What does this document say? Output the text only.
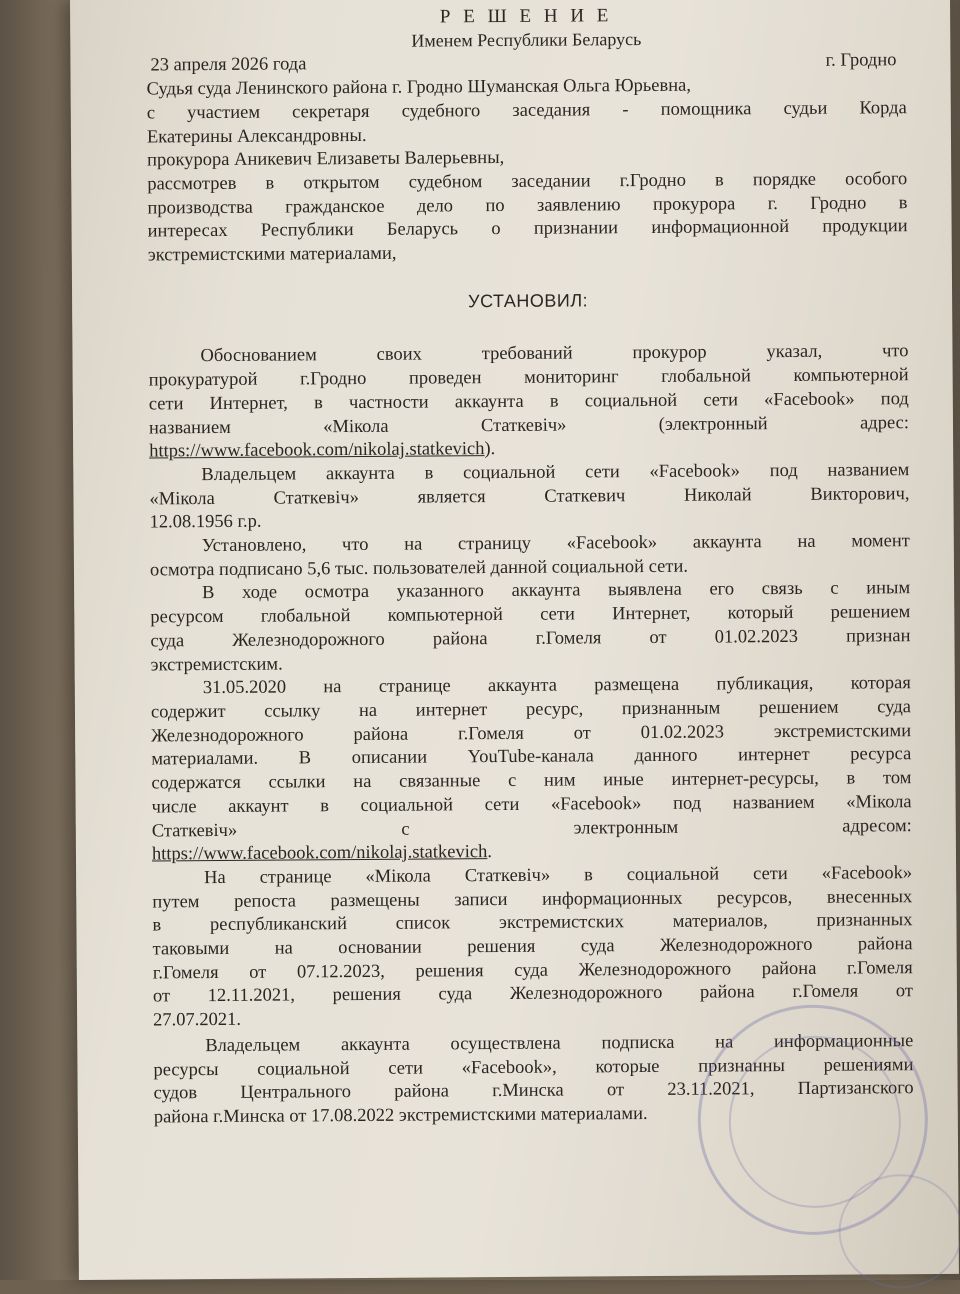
Р Е Ш Е Н И Е
Именем Республики Беларусь
23 апреля 2026 года	г. Гродно
Судья суда Ленинского района г. Гродно Шуманская Ольга Юрьевна,
с участием секретаря судебного заседания - помощника судьи Корда
Екатерины Александровны.
прокурора Аникевич Елизаветы Валерьевны,
рассмотрев в открытом судебном заседании г.Гродно в порядке особого
производства гражданское дело по заявлению прокурора г. Гродно в
интересах Республики Беларусь о признании информационной продукции
экстремистскими материалами,
УСТАНОВИЛ:
Обоснованием своих требований прокурор указал, что
прокуратурой г.Гродно проведен мониторинг глобальной компьютерной
сети Интернет, в частности аккаунта в социальной сети «Facebook» под
названием «Мікола Статкевіч» (электронный адрес:
https://www.facebook.com/nikolaj.statkevich).
Владельцем аккаунта в социальной сети «Facebook» под названием
«Мікола Статкевіч» является Статкевич Николай Викторович,
12.08.1956 г.р.
Установлено, что на страницу «Facebook» аккаунта на момент
осмотра подписано 5,6 тыс. пользователей данной социальной сети.
В ходе осмотра указанного аккаунта выявлена его связь с иным
ресурсом глобальной компьютерной сети Интернет, который решением
суда Железнодорожного района г.Гомеля от 01.02.2023 признан
экстремистским.
31.05.2020 на странице аккаунта размещена публикация, которая
содержит ссылку на интернет ресурс, признанным решением суда
Железнодорожного района г.Гомеля от 01.02.2023 экстремистскими
материалами. В описании YouTube-канала данного интернет ресурса
содержатся ссылки на связанные с ним иные интернет-ресурсы, в том
числе аккаунт в социальной сети «Facebook» под названием «Мікола
Статкевіч» с электронным адресом:
https://www.facebook.com/nikolaj.statkevich.
На странице «Мікола Статкевіч» в социальной сети «Facebook»
путем репоста размещены записи информационных ресурсов, внесенных
в республиканский список экстремистских материалов, признанных
таковыми на основании решения суда Железнодорожного района
г.Гомеля от 07.12.2023, решения суда Железнодорожного района г.Гомеля
от 12.11.2021, решения суда Железнодорожного района г.Гомеля от
27.07.2021.
Владельцем аккаунта осуществлена подписка на информационные
ресурсы социальной сети «Facebook», которые признанны решениями
судов Центрального района г.Минска от 23.11.2021, Партизанского
района г.Минска от 17.08.2022 экстремистскими материалами.
